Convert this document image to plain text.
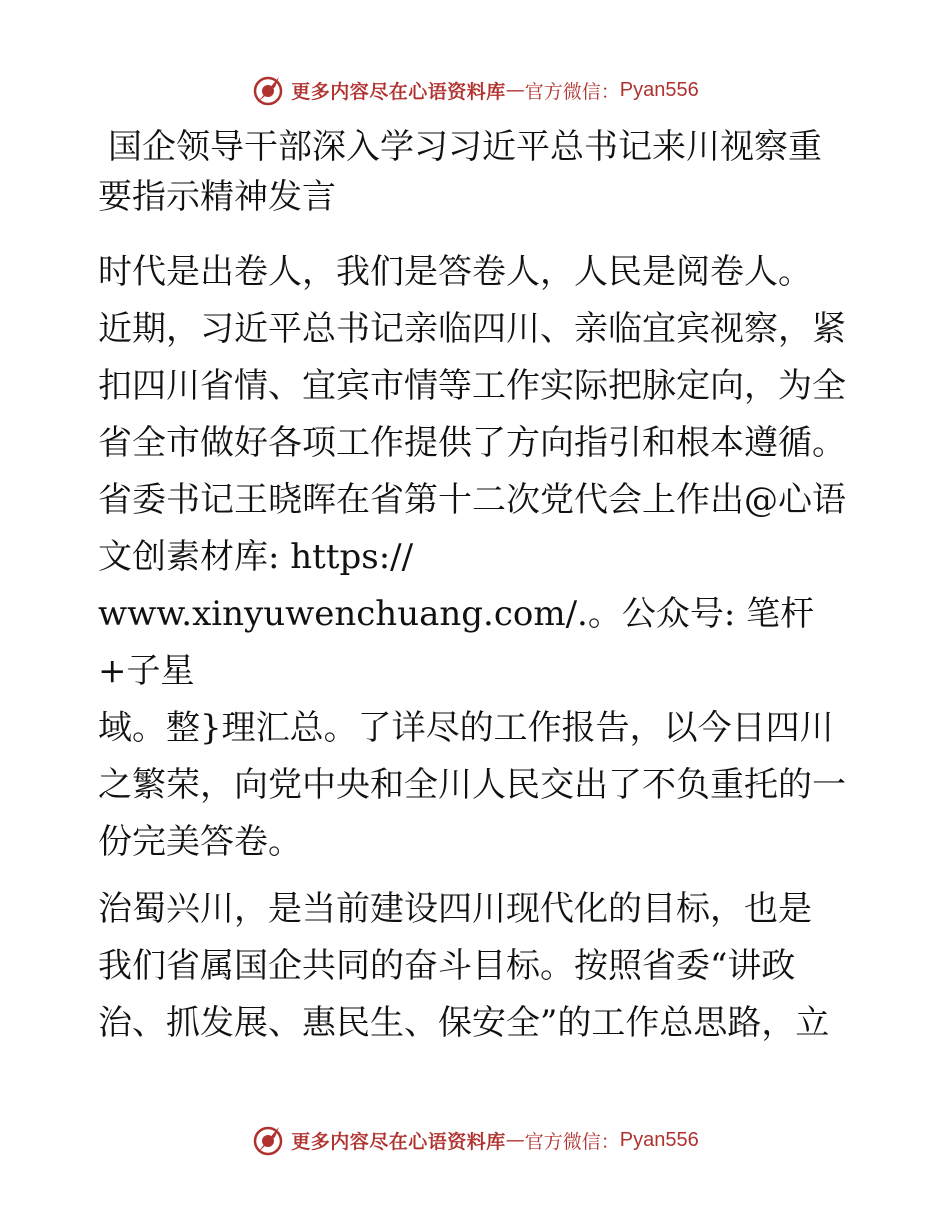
更多内容尽在心语资料库 — 官方微信： Pyan556
国企领导干部深入学习习近平总书记来川视察重
要指示精神发言
时代是出卷人，我们是答卷人，人民是阅卷人。
近期，习近平总书记亲临四川、亲临宜宾视察，紧
扣四川省情、宜宾市情等工作实际把脉定向，为全
省全市做好各项工作提供了方向指引和根本遵循。
省委书记王晓晖在省第十二次党代会上作出@心语
文创素材库: https://
www.xinyuwenchuang.com/.。公众号: 笔杆+子星
域。整}理汇总。了详尽的工作报告，以今日四川
之繁荣，向党中央和全川人民交出了不负重托的一
份完美答卷。
治蜀兴川，是当前建设四川现代化的目标，也是
我们省属国企共同的奋斗目标。按照省委“讲政
治、抓发展、惠民生、保安全”的工作总思路，立
更多内容尽在心语资料库 — 官方微信： Pyan556
